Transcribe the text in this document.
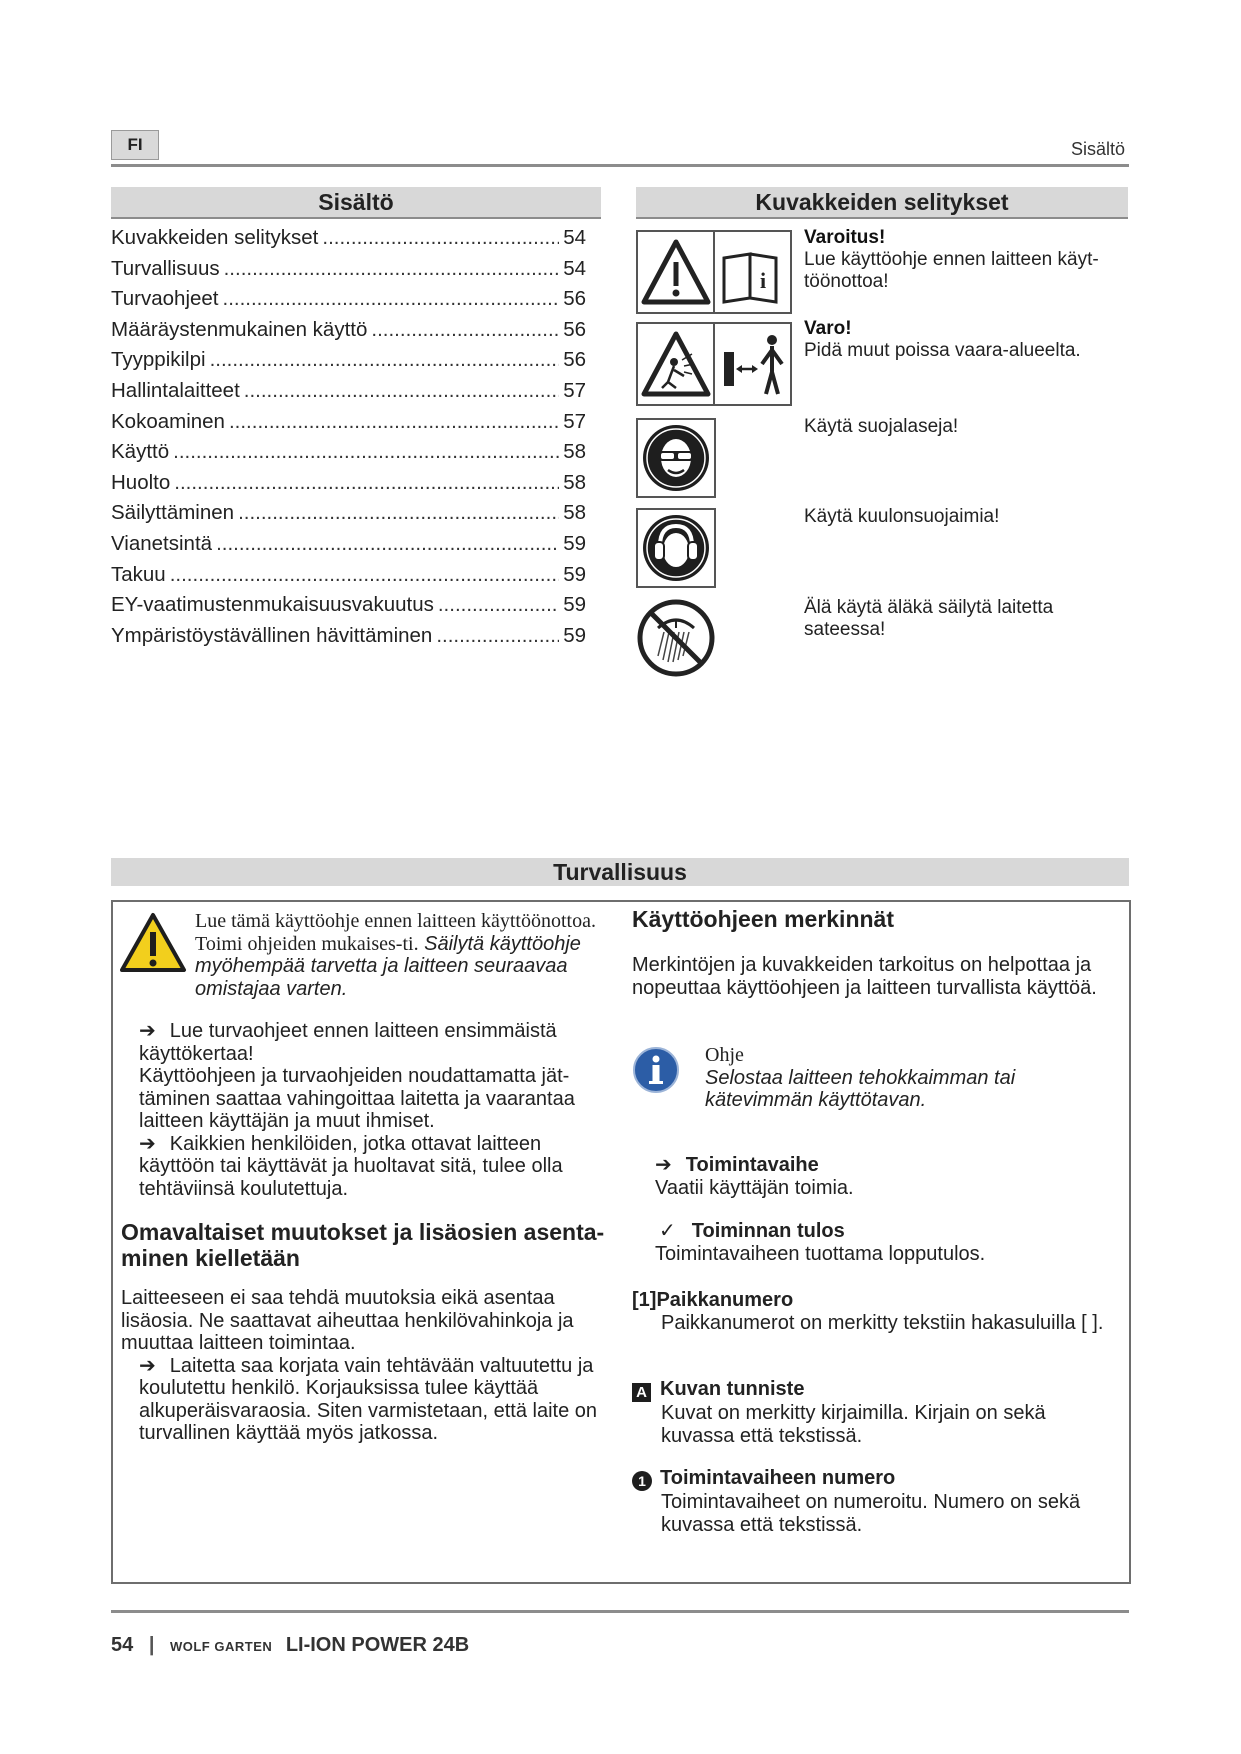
FI	Sisältö
Sisältö
Kuvakkeiden selitykset .....	54
Turvallisuus .....	54
Turvaohjeet .....	56
Määräystenmukainen käyttö .....	56
Tyyppikilpi .....	56
Hallintalaitteet .....	57
Kokoaminen .....	57
Käyttö .....	58
Huolto .....	58
Säilyttäminen .....	58
Vianetsintä .....	59
Takuu .....	59
EY-vaatimustenmukaisuusvakuutus .....	59
Ympäristöystävällinen hävittäminen .....	59
Kuvakkeiden selitykset
i
Varoitus!
Lue käyttöohje ennen laitteen käyt-töönottoa!
Varo!
Pidä muut poissa vaara-alueelta.
Käytä suojalaseja!
Käytä kuulonsuojaimia!
Älä käytä äläkä säilytä laitetta sateessa!
Turvallisuus
Lue tämä käyttöohje ennen laitteen käyttöönottoa. Toimi ohjeiden mukaises-ti. Säilytä käyttöohje myöhempää tarvetta ja laitteen seuraavaa omistajaa varten.
➔ Lue turvaohjeet ennen laitteen ensimmäistä käyttökertaa!
Käyttöohjeen ja turvaohjeiden noudattamatta jät-täminen saattaa vahingoittaa laitetta ja vaarantaa laitteen käyttäjän ja muut ihmiset.
➔ Kaikkien henkilöiden, jotka ottavat laitteen käyttöön tai käyttävät ja huoltavat sitä, tulee olla tehtäviinsä koulutettuja.
Omavaltaiset muutokset ja lisäosien asenta-minen kielletään
Laitteeseen ei saa tehdä muutoksia eikä asentaa lisäosia. Ne saattavat aiheuttaa henkilövahinkoja ja muuttaa laitteen toimintaa.
➔ Laitetta saa korjata vain tehtävään valtuutettu ja koulutettu henkilö. Korjauksissa tulee käyttää alkuperäisvaraosia. Siten varmistetaan, että laite on turvallinen käyttää myös jatkossa.
Käyttöohjeen merkinnät
Merkintöjen ja kuvakkeiden tarkoitus on helpottaa ja nopeuttaa käyttöohjeen ja laitteen turvallista käyttöä.
Ohje
Selostaa laitteen tehokkaimman tai kätevimmän käyttötavan.
➔ Toimintavaihe
Vaatii käyttäjän toimia.
✓ Toiminnan tulos
Toimintavaiheen tuottama lopputulos.
[1]Paikkanumero
Paikkanumerot on merkitty tekstiin hakasuluilla [ ].
A Kuvan tunniste
Kuvat on merkitty kirjaimilla. Kirjain on sekä kuvassa että tekstissä.
1 Toimintavaiheen numero
Toimintavaiheet on numeroitu. Numero on sekä kuvassa että tekstissä.
54 | WOLF GARTEN LI-ION POWER 24B
